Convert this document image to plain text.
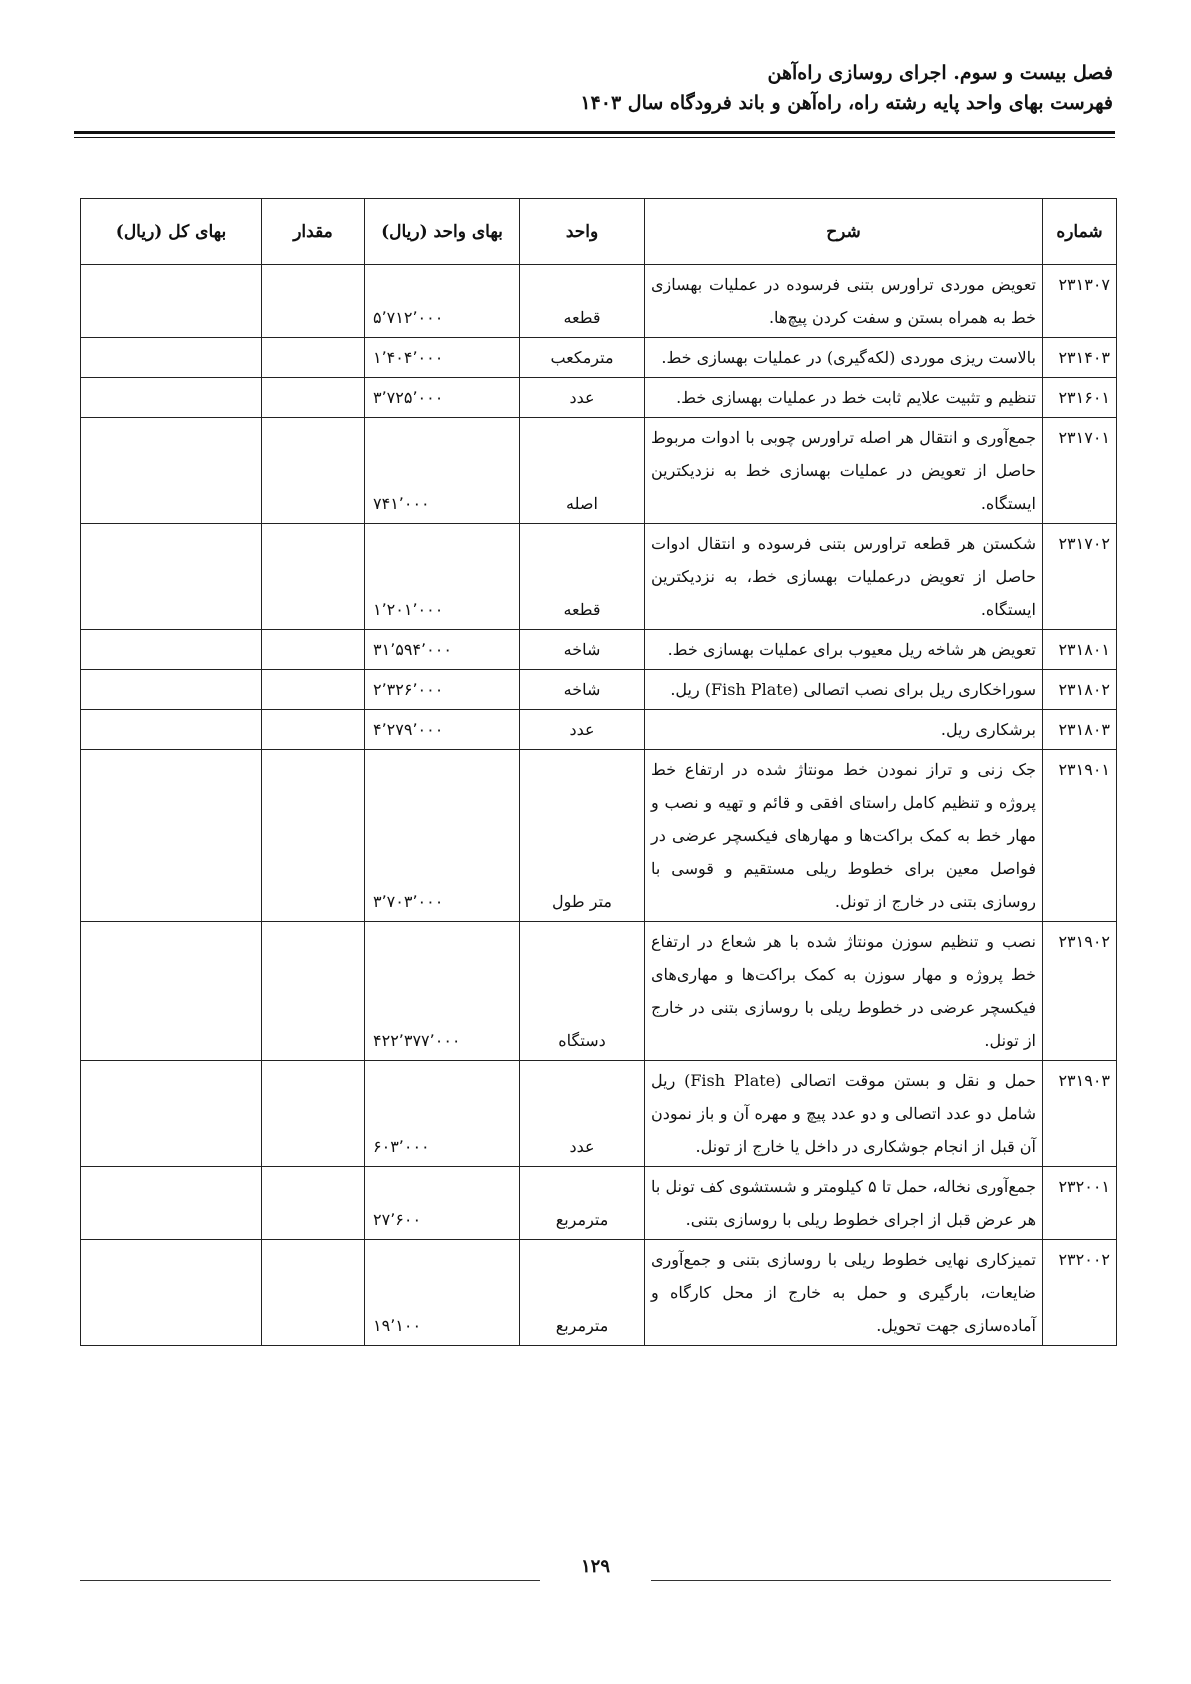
فصل بیست و سوم. اجرای روسازی راه‌آهن
فهرست بهای واحد پایه رشته راه، راه‌آهن و باند فرودگاه سال ۱۴۰۳
شماره	شرح	واحد	بهای واحد (ریال)	مقدار	بهای کل (ریال)
۲۳۱۳۰۷	تعویض موردی تراورس بتنی فرسوده در عملیات بهسازی خط به همراه بستن و سفت کردن پیچ‌ها.	قطعه	۵٬۷۱۲٬۰۰۰		
۲۳۱۴۰۳	بالاست ریزی موردی (لکه‌گیری) در عملیات بهسازی خط.	مترمکعب	۱٬۴۰۴٬۰۰۰		
۲۳۱۶۰۱	تنظیم و تثبیت علایم ثابت خط در عملیات بهسازی خط.	عدد	۳٬۷۲۵٬۰۰۰		
۲۳۱۷۰۱	جمع‌آوری و انتقال هر اصله تراورس چوبی با ادوات مربوط حاصل از تعویض در عملیات بهسازی خط به نزدیکترین ایستگاه.	اصله	۷۴۱٬۰۰۰		
۲۳۱۷۰۲	شکستن هر قطعه تراورس بتنی فرسوده و انتقال ادوات حاصل از تعویض درعملیات بهسازی خط، به نزدیکترین ایستگاه.	قطعه	۱٬۲۰۱٬۰۰۰		
۲۳۱۸۰۱	تعویض هر شاخه ریل معیوب برای عملیات بهسازی خط.	شاخه	۳۱٬۵۹۴٬۰۰۰		
۲۳۱۸۰۲	سوراخکاری ریل برای نصب اتصالی (Fish Plate) ریل.	شاخه	۲٬۳۲۶٬۰۰۰		
۲۳۱۸۰۳	برشکاری ریل.	عدد	۴٬۲۷۹٬۰۰۰		
۲۳۱۹۰۱	جک زنی و تراز نمودن خط مونتاژ شده در ارتفاع خط پروژه و تنظیم کامل راستای افقی و قائم و تهیه و نصب و مهار خط به کمک براکت‌ها و مهارهای فیکسچر عرضی در فواصل معین برای خطوط ریلی مستقیم و قوسی با روسازی بتنی در خارج از تونل.	متر طول	۳٬۷۰۳٬۰۰۰		
۲۳۱۹۰۲	نصب و تنظیم سوزن مونتاژ شده با هر شعاع در ارتفاع خط پروژه و مهار سوزن به کمک براکت‌ها و مهاری‌های فیکسچر عرضی در خطوط ریلی با روسازی بتنی در خارج از تونل.	دستگاه	۴۲۲٬۳۷۷٬۰۰۰		
۲۳۱۹۰۳	حمل و نقل و بستن موقت اتصالی (Fish Plate) ریل شامل دو عدد اتصالی و دو عدد پیچ و مهره آن و باز نمودن آن قبل از انجام جوشکاری در داخل یا خارج از تونل.	عدد	۶۰۳٬۰۰۰		
۲۳۲۰۰۱	جمع‌آوری نخاله، حمل تا ۵ کیلومتر و شستشوی کف تونل با هر عرض قبل از اجرای خطوط ریلی با روسازی بتنی.	مترمربع	۲۷٬۶۰۰		
۲۳۲۰۰۲	تمیزکاری نهایی خطوط ریلی با روسازی بتنی و جمع‌آوری ضایعات، بارگیری و حمل به خارج از محل کارگاه و آماده‌سازی جهت تحویل.	مترمربع	۱۹٬۱۰۰		
۱۲۹
